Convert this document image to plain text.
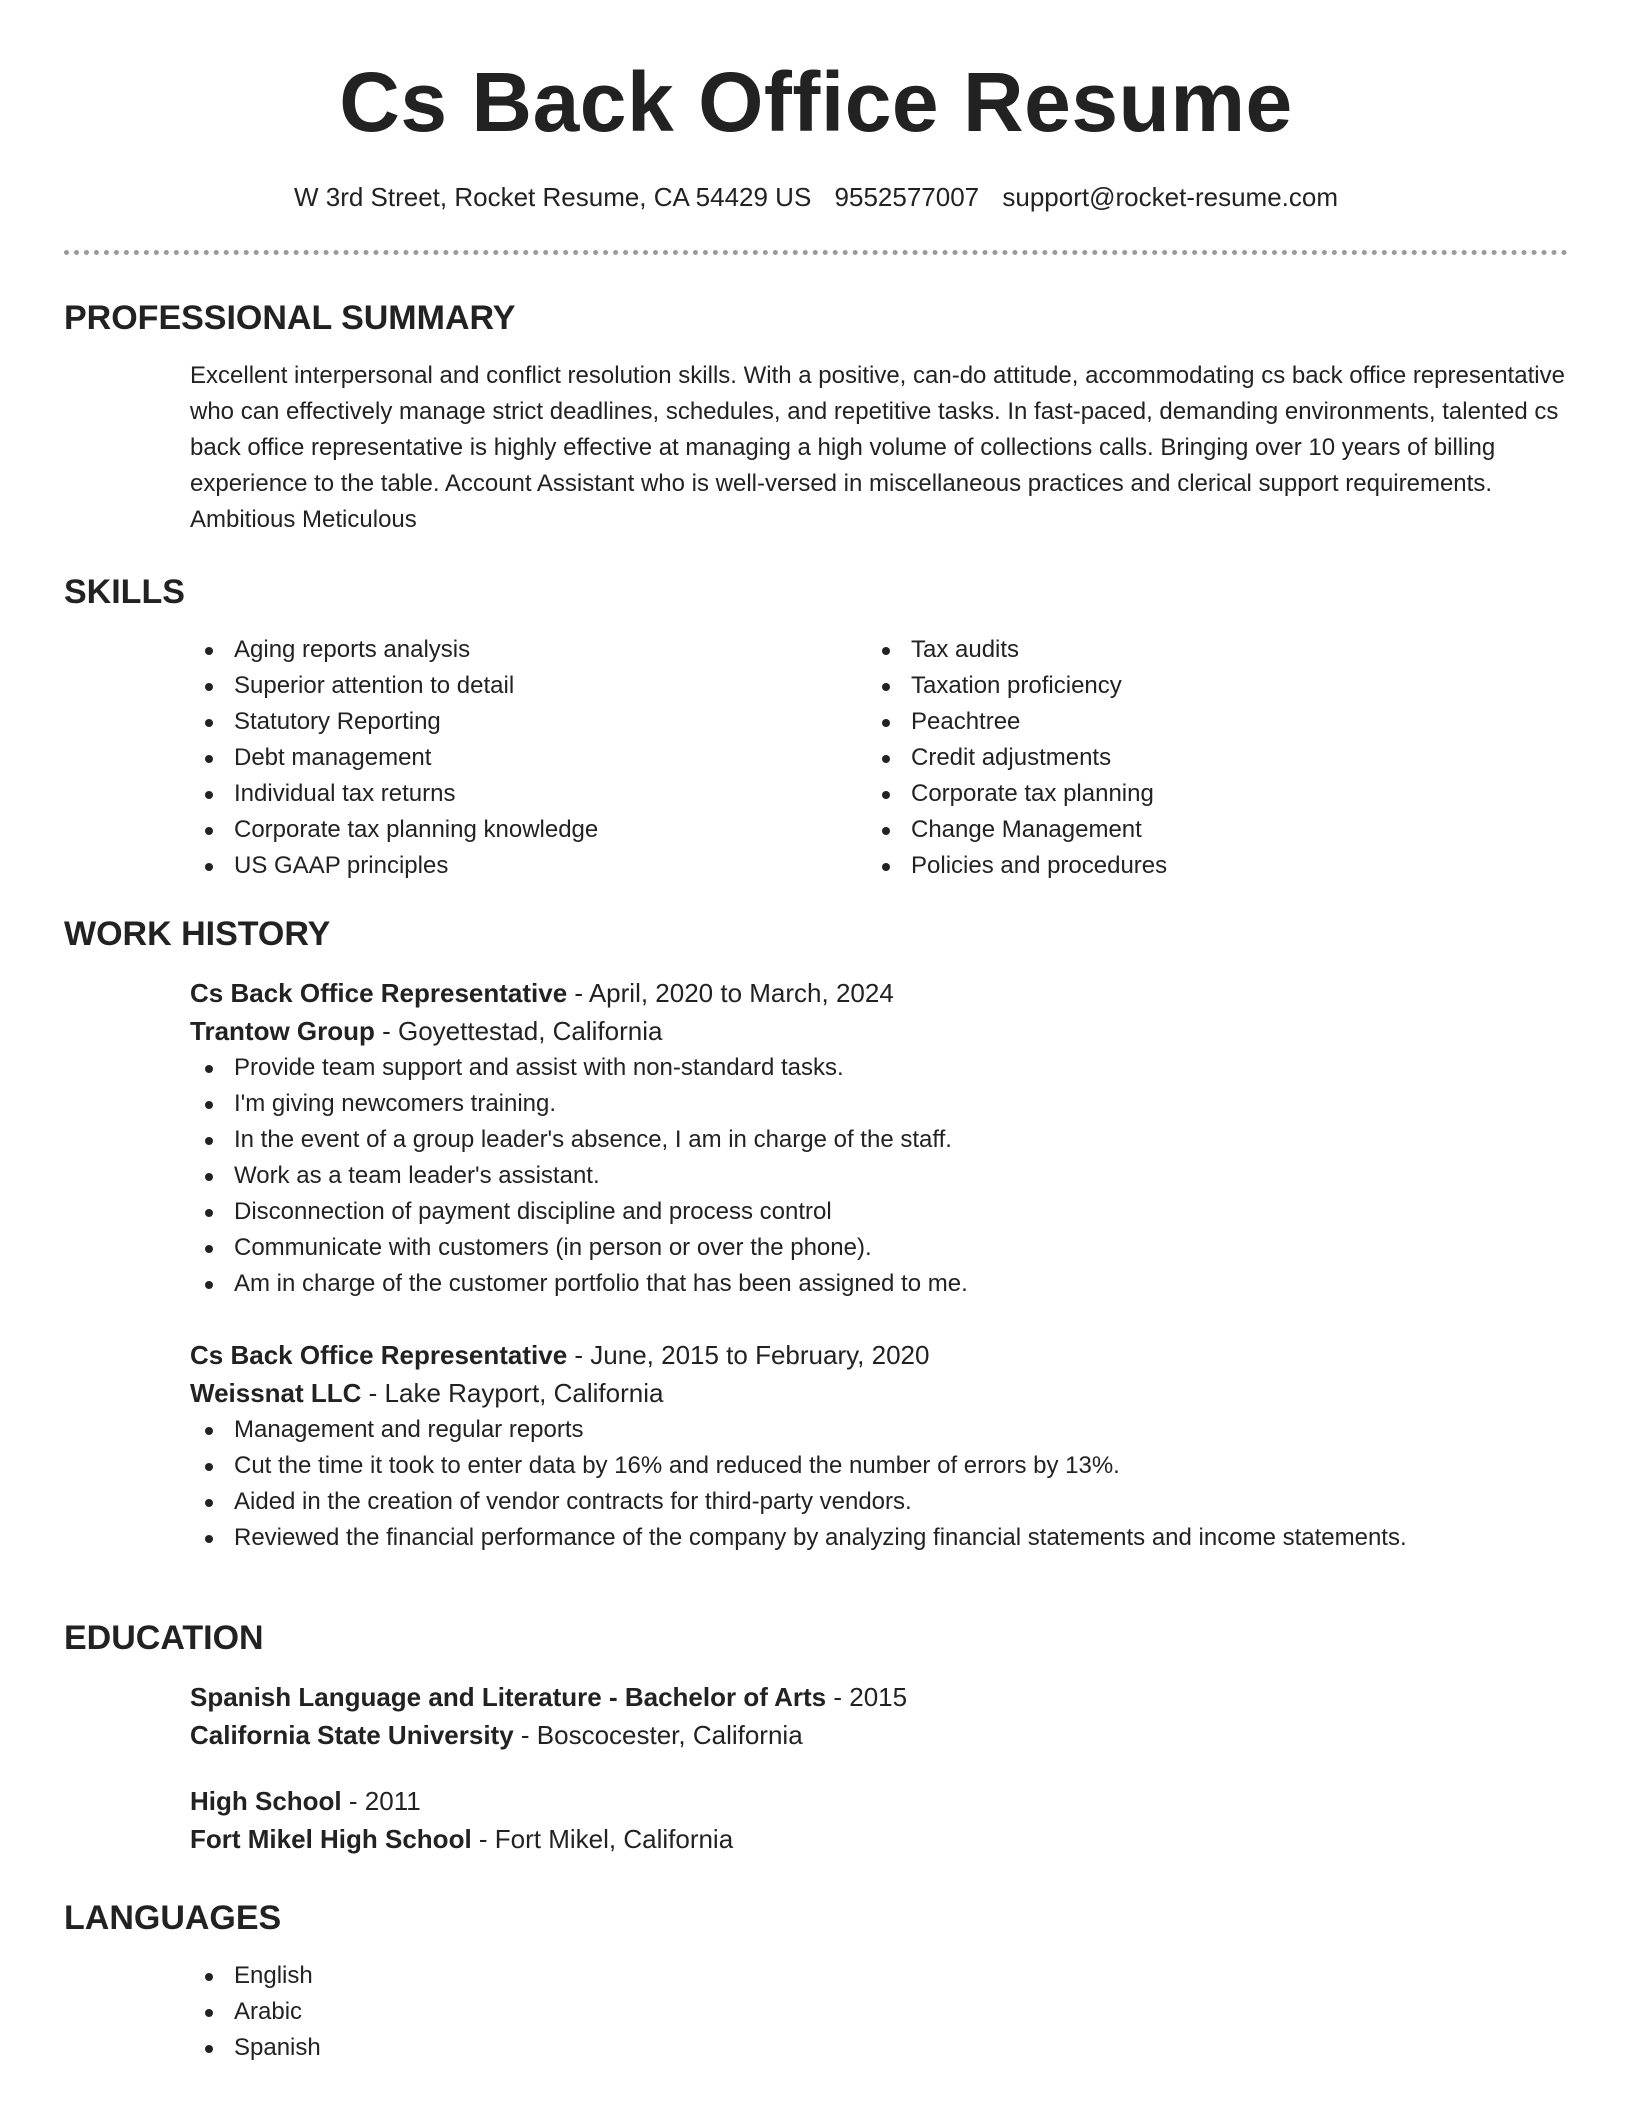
Cs Back Office Resume
W 3rd Street, Rocket Resume, CA 54429 US 9552577007 support@rocket-resume.com
PROFESSIONAL SUMMARY

Excellent interpersonal and conflict resolution skills. With a positive, can-do attitude, accommodating cs back office representative who can effectively manage strict deadlines, schedules, and repetitive tasks. In fast-paced, demanding environments, talented cs back office representative is highly effective at managing a high volume of collections calls. Bringing over 10 years of billing experience to the table. Account Assistant who is well-versed in miscellaneous practices and clerical support requirements. Ambitious Meticulous

SKILLS
Aging reports analysis
Superior attention to detail
Statutory Reporting
Debt management
Individual tax returns
Corporate tax planning knowledge
US GAAP principles
Tax audits
Taxation proficiency
Peachtree
Credit adjustments
Corporate tax planning
Change Management
Policies and procedures
WORK HISTORY
Cs Back Office Representative - April, 2020 to March, 2024
Trantow Group - Goyettestad, California
Provide team support and assist with non-standard tasks.
I'm giving newcomers training.
In the event of a group leader's absence, I am in charge of the staff.
Work as a team leader's assistant.
Disconnection of payment discipline and process control
Communicate with customers (in person or over the phone).
Am in charge of the customer portfolio that has been assigned to me.
Cs Back Office Representative - June, 2015 to February, 2020
Weissnat LLC - Lake Rayport, California
Management and regular reports
Cut the time it took to enter data by 16% and reduced the number of errors by 13%.
Aided in the creation of vendor contracts for third-party vendors.
Reviewed the financial performance of the company by analyzing financial statements and income statements.
EDUCATION
Spanish Language and Literature - Bachelor of Arts - 2015
California State University - Boscocester, California
High School - 2011
Fort Mikel High School - Fort Mikel, California
LANGUAGES
English
Arabic
Spanish
